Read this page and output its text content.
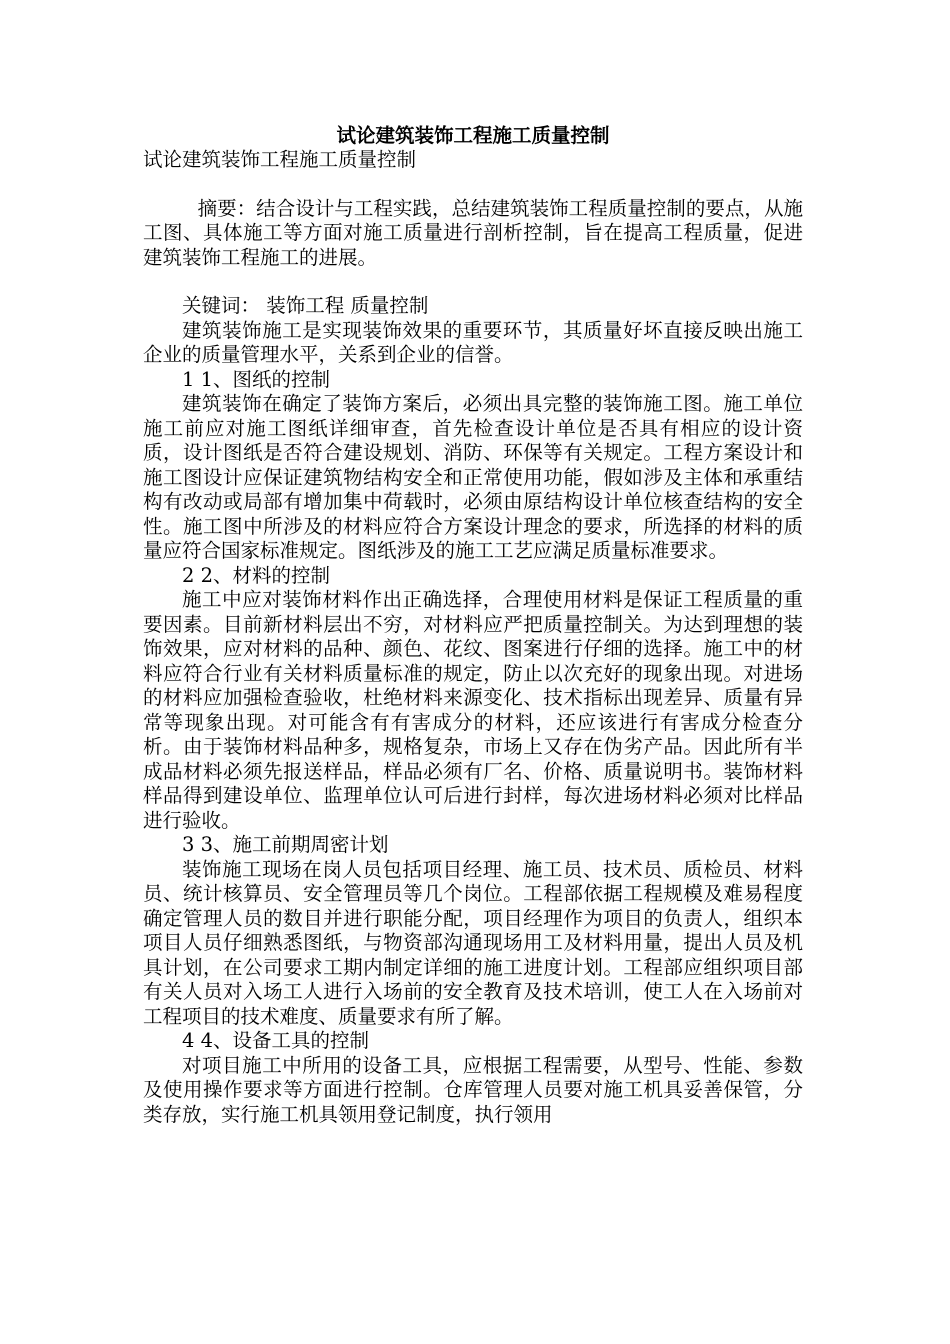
试论建筑装饰工程施工质量控制

试论建筑装饰工程施工质量控制

摘要：结合设计与工程实践，总结建筑装饰工程质量控制的要点，从施工图、具体施工等方面对施工质量进行剖析控制，旨在提高工程质量，促进建筑装饰工程施工的进展。

关键词： 装饰工程 质量控制

建筑装饰施工是实现装饰效果的重要环节，其质量好坏直接反映出施工企业的质量管理水平，关系到企业的信誉。

1 1、图纸的控制

建筑装饰在确定了装饰方案后，必须出具完整的装饰施工图。施工单位施工前应对施工图纸详细审查，首先检查设计单位是否具有相应的设计资质，设计图纸是否符合建设规划、消防、环保等有关规定。工程方案设计和施工图设计应保证建筑物结构安全和正常使用功能，假如涉及主体和承重结构有改动或局部有增加集中荷载时，必须由原结构设计单位核查结构的安全性。施工图中所涉及的材料应符合方案设计理念的要求，所选择的材料的质量应符合国家标准规定。图纸涉及的施工工艺应满足质量标准要求。

2 2、材料的控制

施工中应对装饰材料作出正确选择，合理使用材料是保证工程质量的重要因素。目前新材料层出不穷，对材料应严把质量控制关。为达到理想的装饰效果，应对材料的品种、颜色、花纹、图案进行仔细的选择。施工中的材料应符合行业有关材料质量标准的规定，防止以次充好的现象出现。对进场的材料应加强检查验收，杜绝材料来源变化、技术指标出现差异、质量有异常等现象出现。对可能含有有害成分的材料，还应该进行有害成分检查分析。由于装饰材料品种多，规格复杂，市场上又存在伪劣产品。因此所有半成品材料必须先报送样品，样品必须有厂名、价格、质量说明书。装饰材料样品得到建设单位、监理单位认可后进行封样，每次进场材料必须对比样品进行验收。

3 3、施工前期周密计划

装饰施工现场在岗人员包括项目经理、施工员、技术员、质检员、材料员、统计核算员、安全管理员等几个岗位。工程部依据工程规模及难易程度确定管理人员的数目并进行职能分配，项目经理作为项目的负责人，组织本项目人员仔细熟悉图纸，与物资部沟通现场用工及材料用量，提出人员及机具计划，在公司要求工期内制定详细的施工进度计划。工程部应组织项目部有关人员对入场工人进行入场前的安全教育及技术培训，使工人在入场前对工程项目的技术难度、质量要求有所了解。

4 4、设备工具的控制

对项目施工中所用的设备工具，应根据工程需要，从型号、性能、参数及使用操作要求等方面进行控制。仓库管理人员要对施工机具妥善保管，分类存放，实行施工机具领用登记制度，执行领用
